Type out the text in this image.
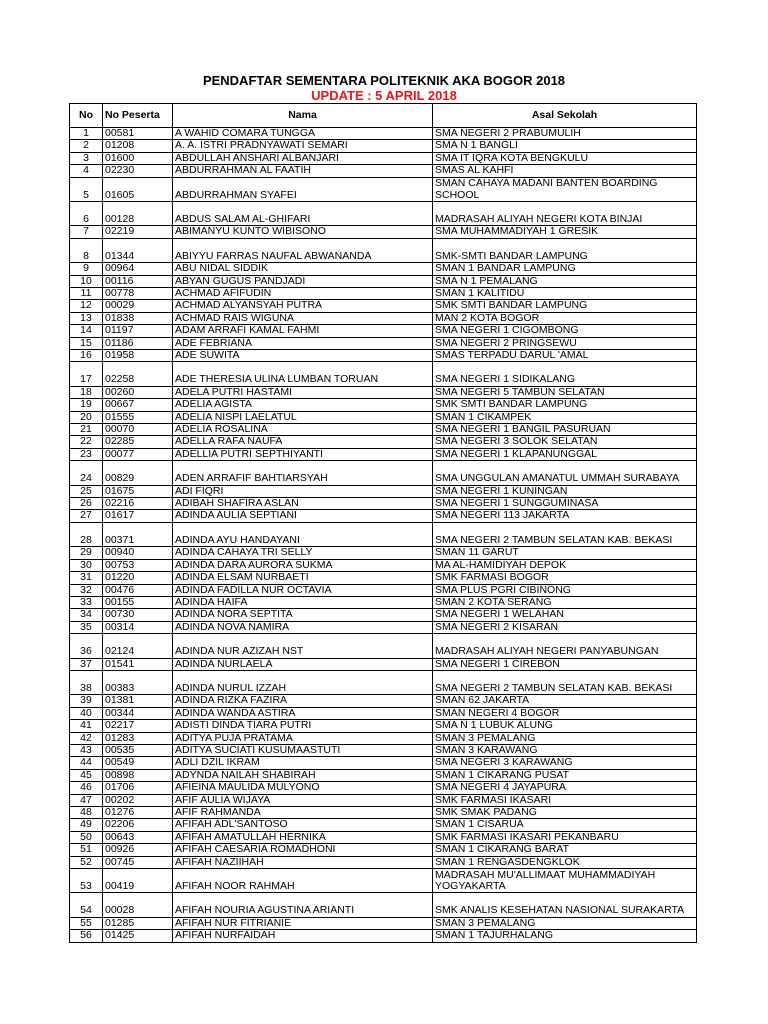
PENDAFTAR SEMENTARA POLITEKNIK AKA BOGOR 2018
UPDATE : 5 APRIL 2018
No	No Peserta	Nama	Asal Sekolah
1	00581	A WAHID COMARA TUNGGA	SMA NEGERI 2 PRABUMULIH
2	01208	A. A. ISTRI PRADNYAWATI SEMARI	SMA N 1 BANGLI
3	01600	ABDULLAH ANSHARI ALBANJARI	SMA IT IQRA KOTA BENGKULU
4	02230	ABDURRAHMAN AL FAATIH	SMAS AL KAHFI
5	01605	ABDURRAHMAN SYAFEI	SMAN CAHAYA MADANI BANTEN BOARDING SCHOOL
6	00128	ABDUS SALAM AL-GHIFARI	MADRASAH ALIYAH NEGERI KOTA BINJAI
7	02219	ABIMANYU KUNTO WIBISONO	SMA MUHAMMADIYAH 1 GRESIK
8	01344	ABIYYU FARRAS NAUFAL ABWANANDA	SMK-SMTI BANDAR LAMPUNG
9	00964	ABU NIDAL SIDDIK	SMAN 1 BANDAR LAMPUNG
10	00116	ABYAN GUGUS PANDJADI	SMA N 1 PEMALANG
11	00778	ACHMAD AFIFUDIN	SMAN 1 KALITIDU
12	00029	ACHMAD ALYANSYAH PUTRA	SMK SMTI BANDAR LAMPUNG
13	01838	ACHMAD RAIS WIGUNA	MAN 2 KOTA BOGOR
14	01197	ADAM ARRAFI KAMAL FAHMI	SMA NEGERI 1 CIGOMBONG
15	01186	ADE FEBRIANA	SMA NEGERI 2 PRINGSEWU
16	01958	ADE SUWITA	SMAS TERPADU DARUL 'AMAL
17	02258	ADE THERESIA ULINA LUMBAN TORUAN	SMA NEGERI 1 SIDIKALANG
18	00260	ADELA PUTRI HASTAMI	SMA NEGERI 5 TAMBUN SELATAN
19	00667	ADELIA AGISTA	SMK SMTI BANDAR LAMPUNG
20	01555	ADELIA NISPI LAELATUL	SMAN 1 CIKAMPEK
21	00070	ADELIA ROSALINA	SMA NEGERI 1 BANGIL PASURUAN
22	02285	ADELLA RAFA NAUFA	SMA NEGERI 3 SOLOK SELATAN
23	00077	ADELLIA PUTRI SEPTHIYANTI	SMA NEGERI 1 KLAPANUNGGAL
24	00829	ADEN ARRAFIF BAHTIARSYAH	SMA UNGGULAN AMANATUL UMMAH SURABAYA
25	01675	ADI FIQRI	SMA NEGERI 1 KUNINGAN
26	02216	ADIBAH SHAFIRA ASLAN	SMA NEGERI 1 SUNGGUMINASA
27	01617	ADINDA AULIA SEPTIANI	SMA NEGERI 113 JAKARTA
28	00371	ADINDA AYU HANDAYANI	SMA NEGERI 2 TAMBUN SELATAN KAB. BEKASI
29	00940	ADINDA CAHAYA TRI SELLY	SMAN 11 GARUT
30	00753	ADINDA DARA AURORA SUKMA	MA AL-HAMIDIYAH DEPOK
31	01220	ADINDA ELSAM NURBAETI	SMK FARMASI BOGOR
32	00476	ADINDA FADILLA NUR OCTAVIA	SMA PLUS PGRI CIBINONG
33	00155	ADINDA HAIFA	SMAN 2 KOTA SERANG
34	00730	ADINDA NORA SEPTITA	SMA NEGERI 1 WELAHAN
35	00314	ADINDA NOVA NAMIRA	SMA NEGERI 2 KISARAN
36	02124	ADINDA NUR AZIZAH NST	MADRASAH ALIYAH NEGERI PANYABUNGAN
37	01541	ADINDA NURLAELA	SMA NEGERI 1 CIREBON
38	00383	ADINDA NURUL IZZAH	SMA NEGERI 2 TAMBUN SELATAN KAB. BEKASI
39	01381	ADINDA RIZKA FAZIRA	SMAN 62 JAKARTA
40	00344	ADINDA WANDA ASTIRA	SMAN NEGERI 4 BOGOR
41	02217	ADISTI DINDA TIARA PUTRI	SMA N 1 LUBUK ALUNG
42	01283	ADITYA PUJA PRATAMA	SMAN 3 PEMALANG
43	00535	ADITYA SUCIATI KUSUMAASTUTI	SMAN 3 KARAWANG
44	00549	ADLI DZIL IKRAM	SMA NEGERI 3 KARAWANG
45	00898	ADYNDA NAILAH SHABIRAH	SMAN 1 CIKARANG PUSAT
46	01706	AFIEINA MAULIDA MULYONO	SMA NEGERI 4 JAYAPURA
47	00202	AFIF AULIA WIJAYA	SMK FARMASI IKASARI
48	01276	AFIF RAHMANDA	SMK SMAK PADANG
49	02206	AFIFAH ADL'SANTOSO	SMAN 1 CISARUA
50	00643	AFIFAH AMATULLAH HERNIKA	SMK FARMASI IKASARI PEKANBARU
51	00926	AFIFAH CAESARIA ROMADHONI	SMAN 1 CIKARANG BARAT
52	00745	AFIFAH NAZIIHAH	SMAN 1 RENGASDENGKLOK
53	00419	AFIFAH NOOR RAHMAH	MADRASAH MU'ALLIMAAT MUHAMMADIYAH YOGYAKARTA
54	00028	AFIFAH NOURIA AGUSTINA ARIANTI	SMK ANALIS KESEHATAN NASIONAL SURAKARTA
55	01285	AFIFAH NUR FITRIANIE	SMAN 3 PEMALANG
56	01425	AFIFAH NURFAIDAH	SMAN 1 TAJURHALANG
